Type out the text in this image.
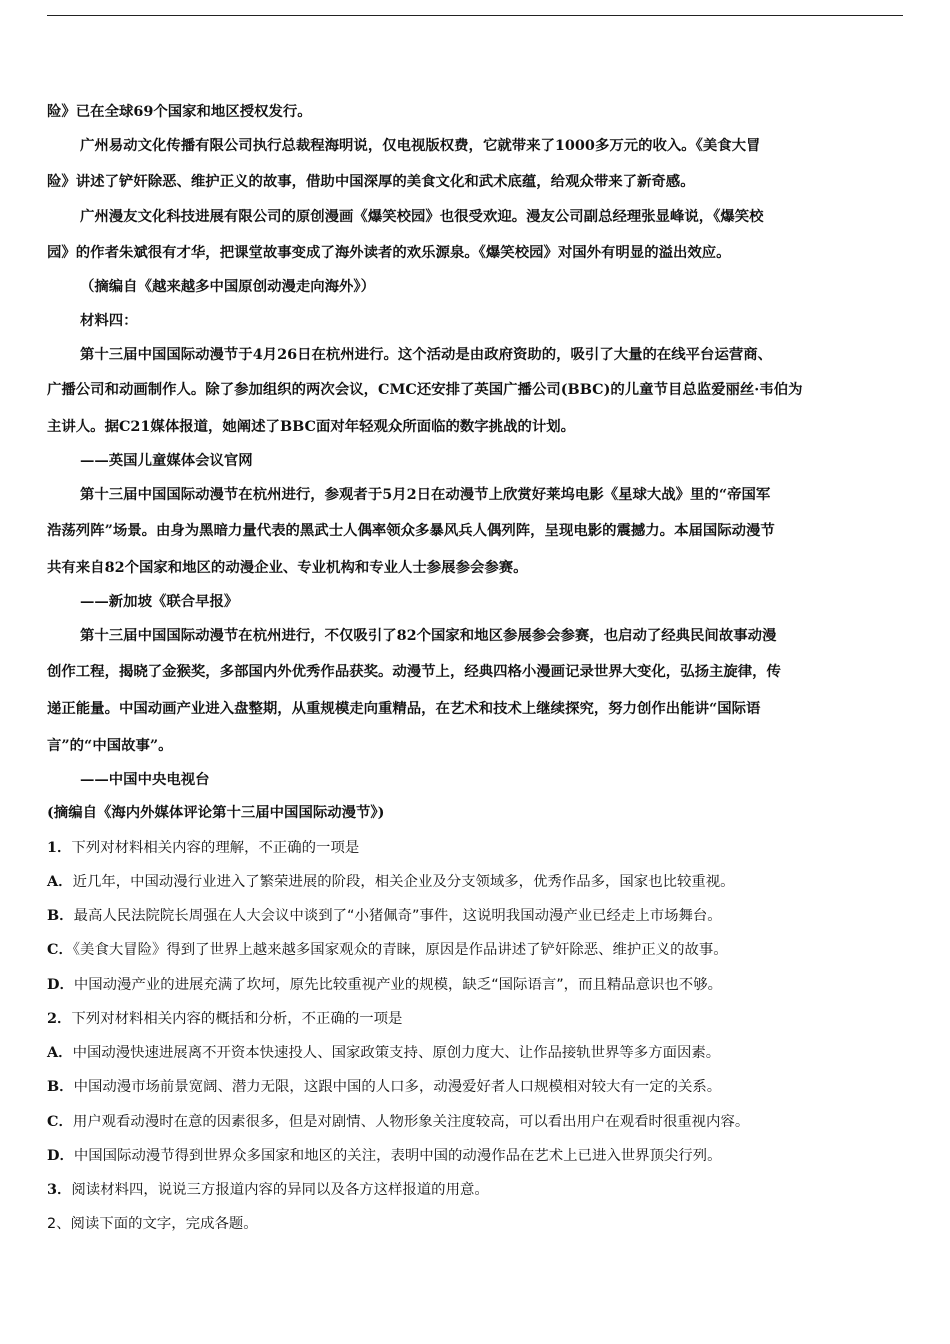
险》已在全球69个国家和地区授权发行。
广州易动文化传播有限公司执行总裁程海明说，仅电视版权费，它就带来了1000多万元的收入。《美食大冒
险》讲述了铲奸除恶、维护正义的故事，借助中国深厚的美食文化和武术底蕴，给观众带来了新奇感。
广州漫友文化科技进展有限公司的原创漫画《爆笑校园》也很受欢迎。漫友公司副总经理张显峰说，《爆笑校
园》的作者朱斌很有才华，把课堂故事变成了海外读者的欢乐源泉。《爆笑校园》对国外有明显的溢出效应。
（摘编自《越来越多中国原创动漫走向海外》）
材料四：
第十三届中国国际动漫节于4月26日在杭州进行。这个活动是由政府资助的，吸引了大量的在线平台运营商、
广播公司和动画制作人。除了参加组织的两次会议，CMC还安排了英国广播公司(BBC)的儿童节目总监爱丽丝·韦伯为
主讲人。据C21媒体报道，她阐述了BBC面对年轻观众所面临的数字挑战的计划。
——英国儿童媒体会议官网
第十三届中国国际动漫节在杭州进行，参观者于5月2日在动漫节上欣赏好莱坞电影《星球大战》里的“帝国军
浩荡列阵”场景。由身为黑暗力量代表的黑武士人偶率领众多暴风兵人偶列阵，呈现电影的震撼力。本届国际动漫节
共有来自82个国家和地区的动漫企业、专业机构和专业人士参展参会参赛。
——新加坡《联合早报》
第十三届中国国际动漫节在杭州进行，不仅吸引了82个国家和地区参展参会参赛，也启动了经典民间故事动漫
创作工程，揭晓了金猴奖，多部国内外优秀作品获奖。动漫节上，经典四格小漫画记录世界大变化，弘扬主旋律，传
递正能量。中国动画产业进入盘整期，从重规模走向重精品，在艺术和技术上继续探究，努力创作出能讲“国际语
言”的“中国故事”。
——中国中央电视台
(摘编自《海内外媒体评论第十三届中国国际动漫节》)
1．下列对材料相关内容的理解，不正确的一项是
A．近几年，中国动漫行业进入了繁荣进展的阶段，相关企业及分支领域多，优秀作品多，国家也比较重视。
B．最高人民法院院长周强在人大会议中谈到了“小猪佩奇”事件，这说明我国动漫产业已经走上市场舞台。
C．《美食大冒险》得到了世界上越来越多国家观众的青睐，原因是作品讲述了铲奸除恶、维护正义的故事。
D．中国动漫产业的进展充满了坎坷，原先比较重视产业的规模，缺乏“国际语言”，而且精品意识也不够。
2．下列对材料相关内容的概括和分析，不正确的一项是
A．中国动漫快速进展离不开资本快速投人、国家政策支持、原创力度大、让作品接轨世界等多方面因素。
B．中国动漫市场前景宽阔、潜力无限，这跟中国的人口多，动漫爱好者人口规模相对较大有一定的关系。
C．用户观看动漫时在意的因素很多，但是对剧情、人物形象关注度较高，可以看出用户在观看时很重视内容。
D．中国国际动漫节得到世界众多国家和地区的关注，表明中国的动漫作品在艺术上已进入世界顶尖行列。
3．阅读材料四，说说三方报道内容的异同以及各方这样报道的用意。
2、阅读下面的文字，完成各题。
